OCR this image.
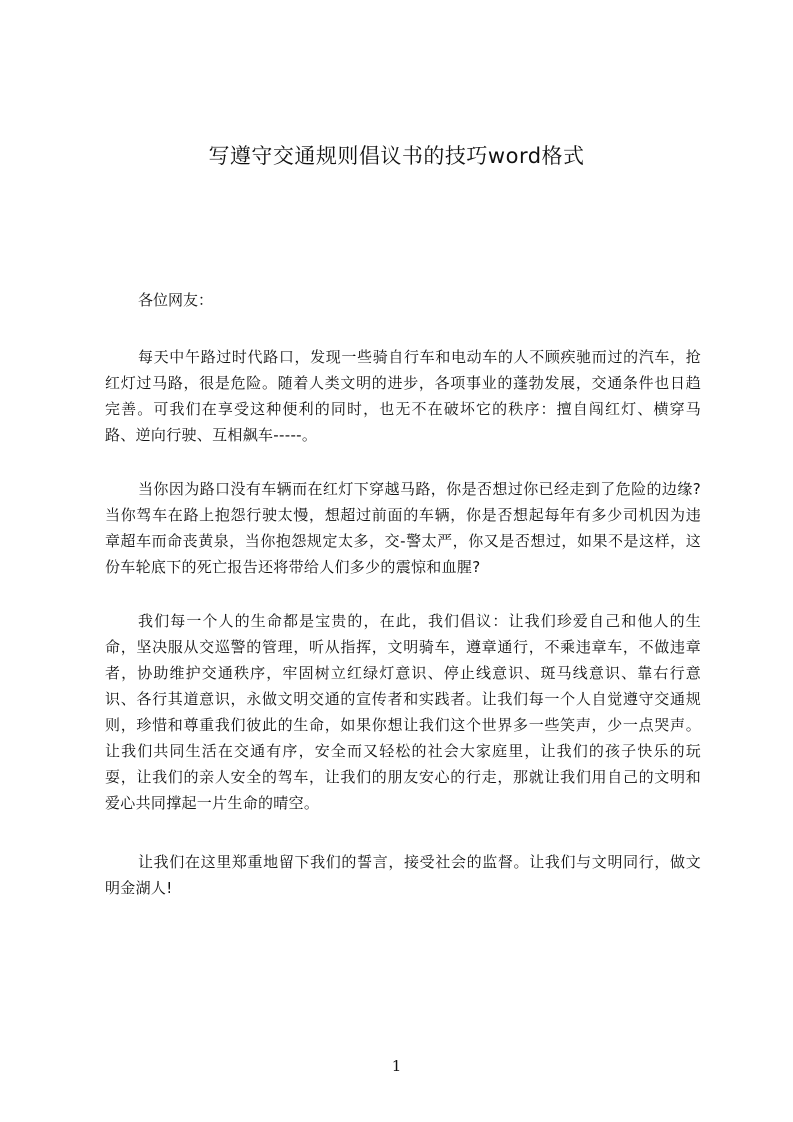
写遵守交通规则倡议书的技巧word格式
各位网友：

每天中午路过时代路口，发现一些骑自行车和电动车的人不顾疾驰而过的汽车，抢红灯过马路，很是危险。随着人类文明的进步，各项事业的蓬勃发展，交通条件也日趋完善。可我们在享受这种便利的同时，也无不在破坏它的秩序：擅自闯红灯、横穿马路、逆向行驶、互相飙车-----。

当你因为路口没有车辆而在红灯下穿越马路，你是否想过你已经走到了危险的边缘?当你驾车在路上抱怨行驶太慢，想超过前面的车辆，你是否想起每年有多少司机因为违章超车而命丧黄泉，当你抱怨规定太多，交-警太严，你又是否想过，如果不是这样，这份车轮底下的死亡报告还将带给人们多少的震惊和血腥?

我们每一个人的生命都是宝贵的，在此，我们倡议：让我们珍爱自己和他人的生命，坚决服从交巡警的管理，听从指挥，文明骑车，遵章通行，不乘违章车，不做违章者，协助维护交通秩序，牢固树立红绿灯意识、停止线意识、斑马线意识、靠右行意识、各行其道意识，永做文明交通的宣传者和实践者。让我们每一个人自觉遵守交通规则，珍惜和尊重我们彼此的生命，如果你想让我们这个世界多一些笑声，少一点哭声。让我们共同生活在交通有序，安全而又轻松的社会大家庭里，让我们的孩子快乐的玩耍，让我们的亲人安全的驾车，让我们的朋友安心的行走，那就让我们用自己的文明和爱心共同撑起一片生命的晴空。

让我们在这里郑重地留下我们的誓言，接受社会的监督。让我们与文明同行，做文明金湖人!

1
